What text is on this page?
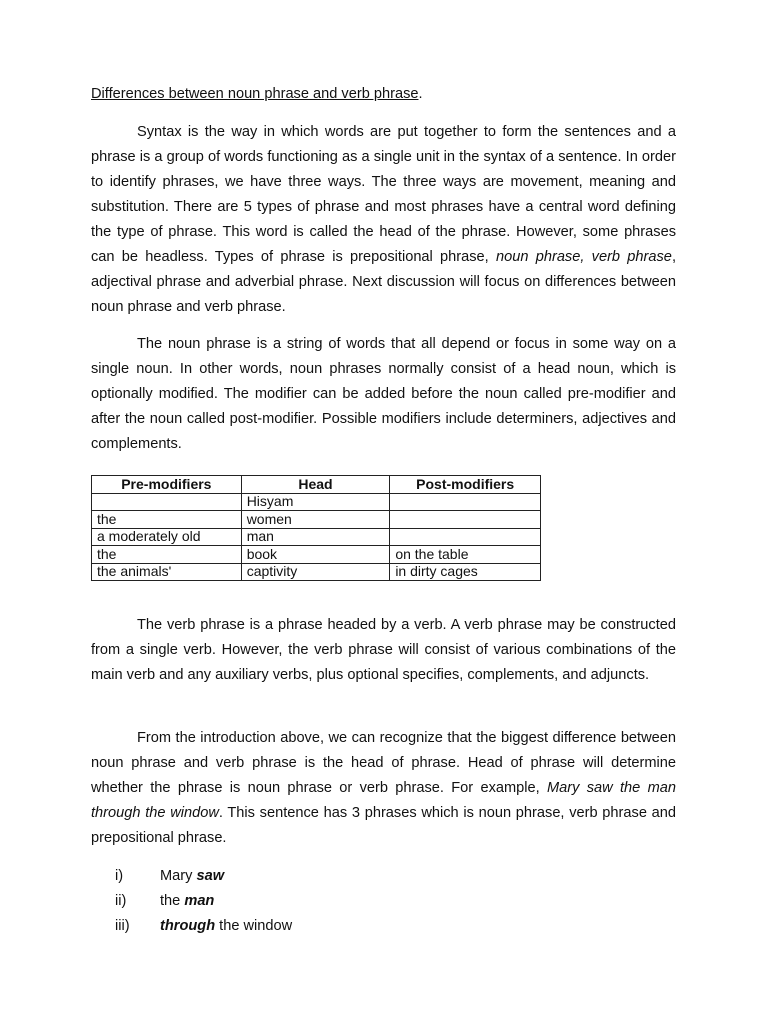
Differences between noun phrase and verb phrase.

Syntax is the way in which words are put together to form the sentences and a phrase is a group of words functioning as a single unit in the syntax of a sentence. In order to identify phrases, we have three ways. The three ways are movement, meaning and substitution. There are 5 types of phrase and most phrases have a central word defining the type of phrase. This word is called the head of the phrase. However, some phrases can be headless. Types of phrase is prepositional phrase, noun phrase, verb phrase, adjectival phrase and adverbial phrase. Next discussion will focus on differences between noun phrase and verb phrase.

The noun phrase is a string of words that all depend or focus in some way on a single noun. In other words, noun phrases normally consist of a head noun, which is optionally modified. The modifier can be added before the noun called pre-modifier and after the noun called post-modifier. Possible modifiers include determiners, adjectives and complements.

Pre-modifiers	Head	Post-modifiers
	Hisyam	
the	women	
a moderately old	man	
the	book	on the table
the animals'	captivity	in dirty cages

The verb phrase is a phrase headed by a verb. A verb phrase may be constructed from a single verb. However, the verb phrase will consist of various combinations of the main verb and any auxiliary verbs, plus optional specifies, complements, and adjuncts.

From the introduction above, we can recognize that the biggest difference between noun phrase and verb phrase is the head of phrase. Head of phrase will determine whether the phrase is noun phrase or verb phrase. For example, Mary saw the man through the window. This sentence has 3 phrases which is noun phrase, verb phrase and prepositional phrase.

i)	Mary saw
ii) the man
iii) through the window
